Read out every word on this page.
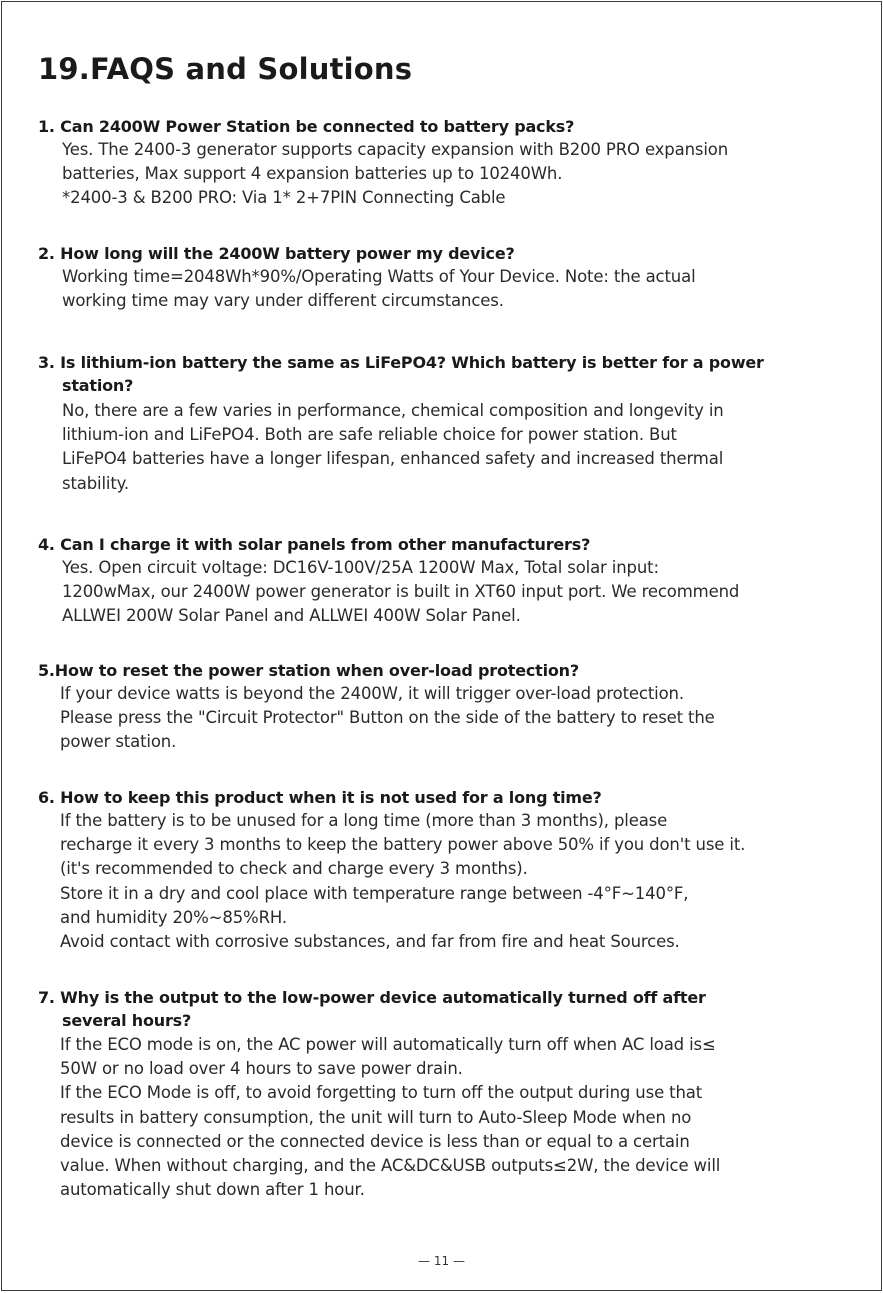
19.FAQS and Solutions
1. Can 2400W Power Station be connected to battery packs?
Yes. The 2400-3 generator supports capacity expansion with B200 PRO expansion
batteries, Max support 4 expansion batteries up to 10240Wh.
*2400-3 & B200 PRO: Via 1* 2+7PIN Connecting Cable
2. How long will the 2400W battery power my device?
Working time=2048Wh*90%/Operating Watts of Your Device. Note: the actual
working time may vary under different circumstances.
3. Is lithium-ion battery the same as LiFePO4? Which battery is better for a power
station?
No, there are a few varies in performance, chemical composition and longevity in
lithium-ion and LiFePO4. Both are safe reliable choice for power station. But
LiFePO4 batteries have a longer lifespan, enhanced safety and increased thermal
stability.
4. Can I charge it with solar panels from other manufacturers?
Yes. Open circuit voltage: DC16V-100V/25A 1200W Max, Total solar input:
1200wMax, our 2400W power generator is built in XT60 input port. We recommend
ALLWEI 200W Solar Panel and ALLWEI 400W Solar Panel.
5.How to reset the power station when over-load protection?
If your device watts is beyond the 2400W, it will trigger over-load protection.
Please press the "Circuit Protector" Button on the side of the battery to reset the
power station.
6. How to keep this product when it is not used for a long time?
If the battery is to be unused for a long time (more than 3 months), please
recharge it every 3 months to keep the battery power above 50% if you don't use it.
(it's recommended to check and charge every 3 months).
Store it in a dry and cool place with temperature range between -4°F~140°F,
and humidity 20%~85%RH.
Avoid contact with corrosive substances, and far from fire and heat Sources.
7. Why is the output to the low-power device automatically turned off after
several hours?
If the ECO mode is on, the AC power will automatically turn off when AC load is≤
50W or no load over 4 hours to save power drain.
If the ECO Mode is off, to avoid forgetting to turn off the output during use that
results in battery consumption, the unit will turn to Auto-Sleep Mode when no
device is connected or the connected device is less than or equal to a certain
value. When without charging, and the AC&DC&USB outputs≤2W, the device will
automatically shut down after 1 hour.
— 11 —
